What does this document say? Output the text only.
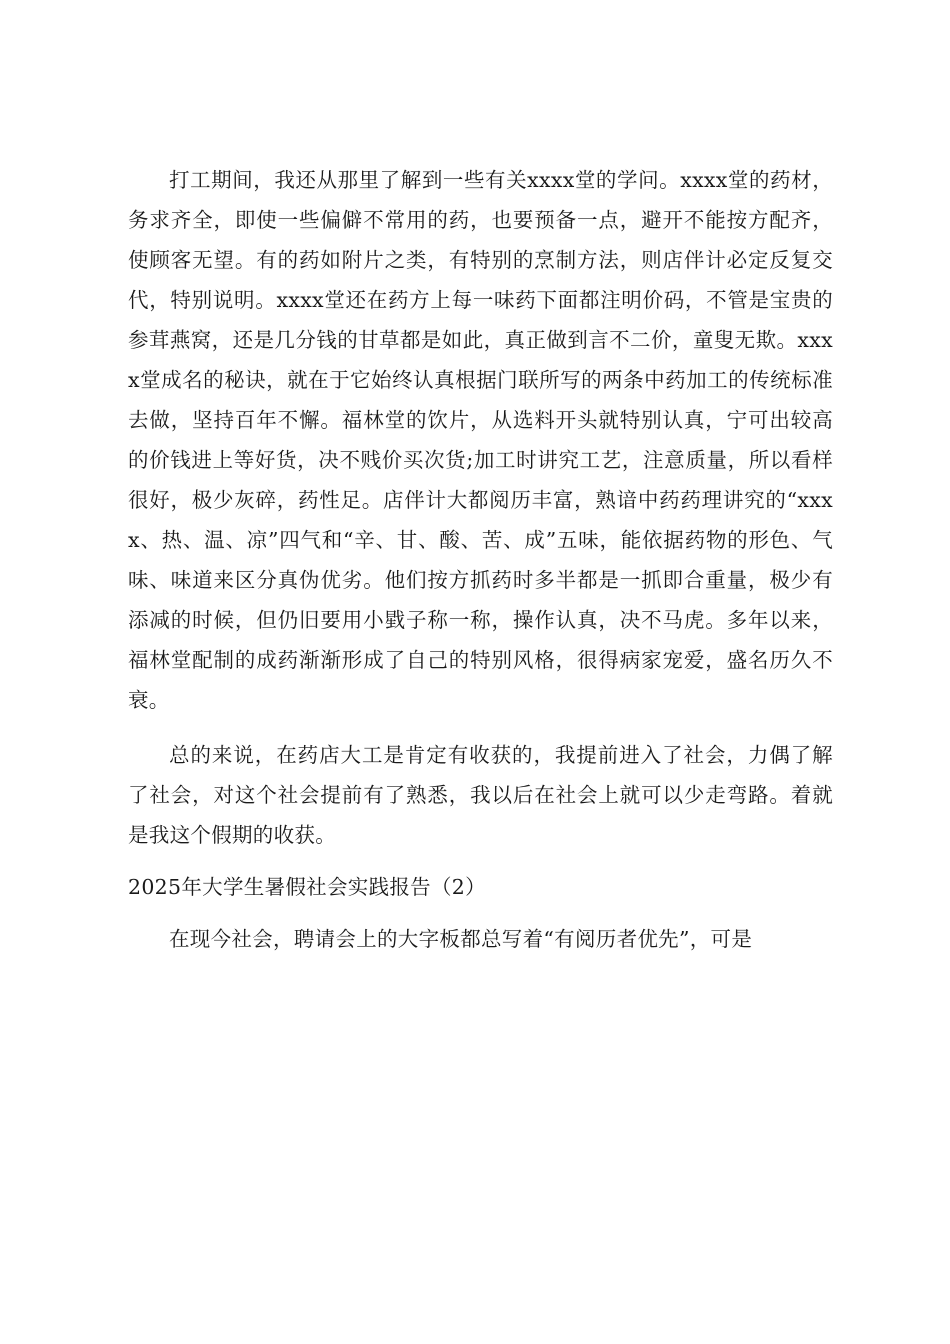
打工期间，我还从那里了解到一些有关xxxx堂的学问。xxxx堂的药材，务求齐全，即使一些偏僻不常用的药，也要预备一点，避开不能按方配齐，使顾客无望。有的药如附片之类，有特别的烹制方法，则店伴计必定反复交代，特别说明。xxxx堂还在药方上每一味药下面都注明价码，不管是宝贵的参茸燕窝，还是几分钱的甘草都是如此，真正做到言不二价，童叟无欺。xxxx堂成名的秘诀，就在于它始终认真根据门联所写的两条中药加工的传统标准去做，坚持百年不懈。福林堂的饮片，从选料开头就特别认真，宁可出较高的价钱进上等好货，决不贱价买次货;加工时讲究工艺，注意质量，所以看样很好，极少灰碎，药性足。店伴计大都阅历丰富，熟谙中药药理讲究的“xxxx、热、温、凉”四气和“辛、甘、酸、苦、成”五味，能依据药物的形色、气味、味道来区分真伪优劣。他们按方抓药时多半都是一抓即合重量，极少有添减的时候，但仍旧要用小戥子称一称，操作认真，决不马虎。多年以来，福林堂配制的成药渐渐形成了自己的特别风格，很得病家宠爱，盛名历久不衰。

总的来说，在药店大工是肯定有收获的，我提前进入了社会，力偶了解了社会，对这个社会提前有了熟悉，我以后在社会上就可以少走弯路。着就是我这个假期的收获。

2025年大学生暑假社会实践报告（2）

在现今社会，聘请会上的大字板都总写着“有阅历者优先”，可是
